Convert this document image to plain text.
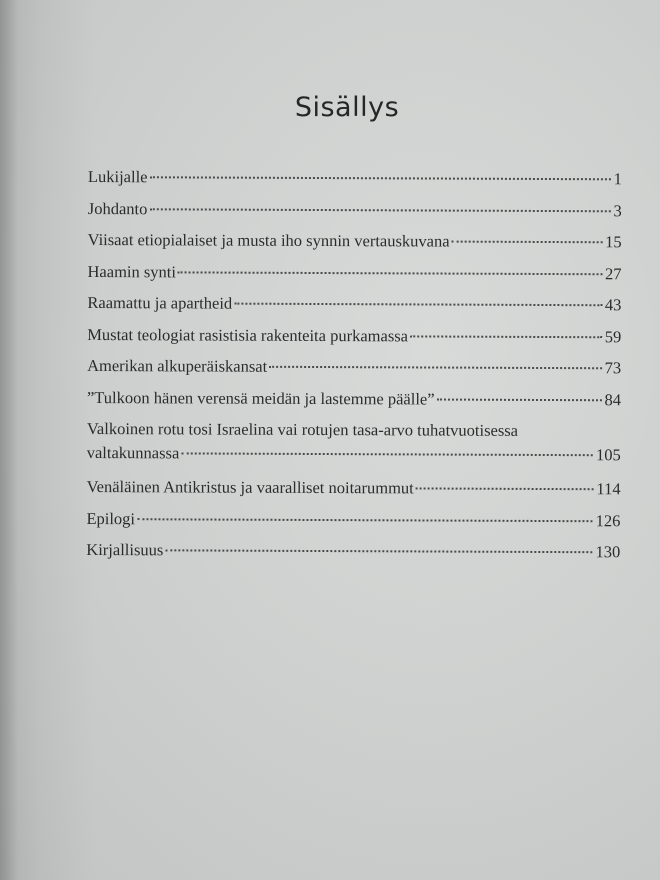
Sisällys
Lukijalle	1
Johdanto	3
Viisaat etiopialaiset ja musta iho synnin vertauskuvana	15
Haamin synti	27
Raamattu ja apartheid	43
Mustat teologiat rasistisia rakenteita purkamassa	59
Amerikan alkuperäiskansat	73
”Tulkoon hänen verensä meidän ja lastemme päälle”	84
Valkoinen rotu tosi Israelina vai rotujen tasa-arvo tuhatvuotisessa
valtakunnassa	105
Venäläinen Antikristus ja vaaralliset noitarummut	114
Epilogi	126
Kirjallisuus	130
